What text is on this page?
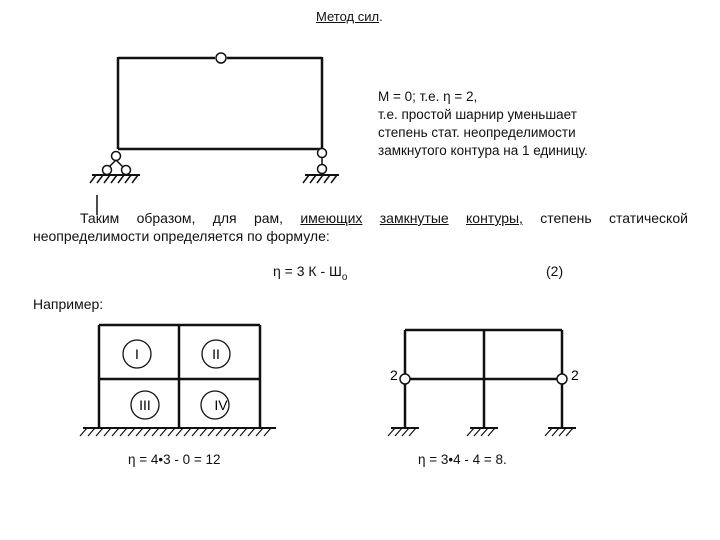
Метод сил.
М = 0; т.е. η = 2,
т.е. простой шарнир уменьшает
степень стат. неопределимости
замкнутого контура на 1 единицу.
Таким образом, для рам, имеющих замкнутые контуры, степень статической
неопределимости определяется по формуле:
η = 3 К - $Ш_о$	(2)
Например:
η = 4•3 - 0 = 12	η = 3•4 - 4 = 8.
I	II
III	IV
2	2
